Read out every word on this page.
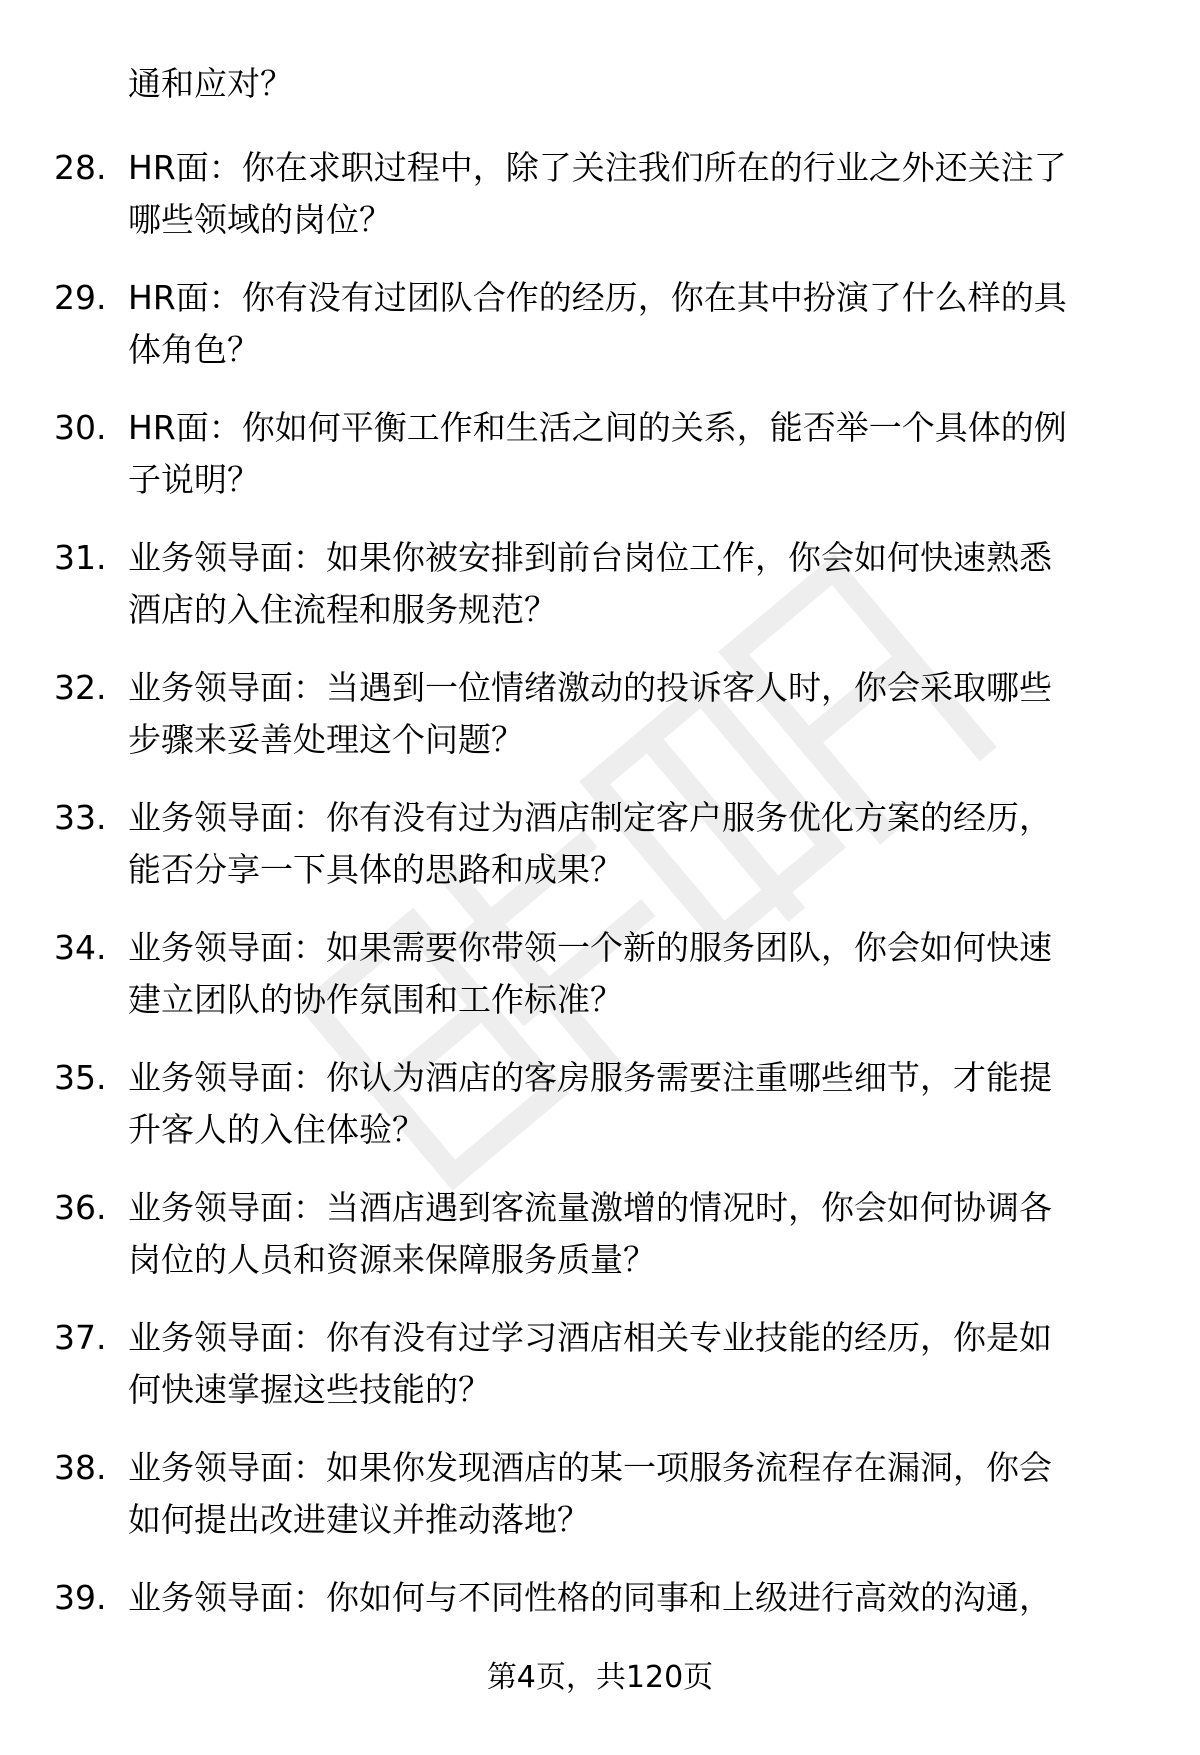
通和应对？
28. HR面：你在求职过程中，除了关注我们所在的行业之外还关注了
哪些领域的岗位？
29. HR面：你有没有过团队合作的经历，你在其中扮演了什么样的具
体角色？
30. HR面：你如何平衡工作和生活之间的关系，能否举一个具体的例
子说明？
31. 业务领导面：如果你被安排到前台岗位工作，你会如何快速熟悉
酒店的入住流程和服务规范？
32. 业务领导面：当遇到一位情绪激动的投诉客人时，你会采取哪些
步骤来妥善处理这个问题？
33. 业务领导面：你有没有过为酒店制定客户服务优化方案的经历，
能否分享一下具体的思路和成果？
34. 业务领导面：如果需要你带领一个新的服务团队，你会如何快速
建立团队的协作氛围和工作标准？
35. 业务领导面：你认为酒店的客房服务需要注重哪些细节，才能提
升客人的入住体验？
36. 业务领导面：当酒店遇到客流量激增的情况时，你会如何协调各
岗位的人员和资源来保障服务质量？
37. 业务领导面：你有没有过学习酒店相关专业技能的经历，你是如
何快速掌握这些技能的？
38. 业务领导面：如果你发现酒店的某一项服务流程存在漏洞，你会
如何提出改进建议并推动落地？
39. 业务领导面：你如何与不同性格的同事和上级进行高效的沟通，
第4页，共120页
